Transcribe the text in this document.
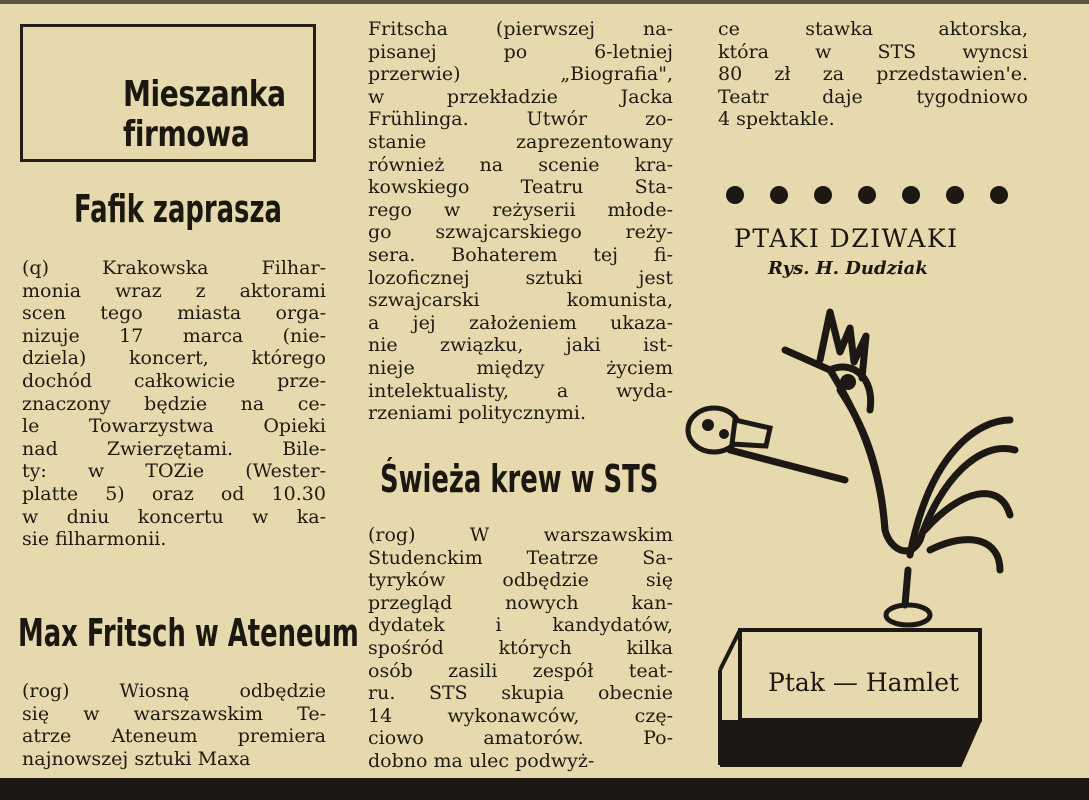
Mieszanka
firmowa
Fafik zaprasza
(q) Krakowska Filhar-
monia wraz z aktorami
scen tego miasta orga-
nizuje 17 marca (nie-
dziela) koncert, którego
dochód całkowicie prze-
znaczony będzie na ce-
le Towarzystwa Opieki
nad Zwierzętami. Bile-
ty: w TOZie (Wester-
platte 5) oraz od 10.30
w dniu koncertu w ka-
sie filharmonii.
Max Fritsch w Ateneum
(rog) Wiosną odbędzie
się w warszawskim Te-
atrze Ateneum premiera
najnowszej sztuki Maxa
Fritscha (pierwszej na-
pisanej po 6-letniej
przerwie) „Biografia",
w przekładzie Jacka
Frühlinga. Utwór zo-
stanie zaprezentowany
również na scenie kra-
kowskiego Teatru Sta-
rego w reżyserii młode-
go szwajcarskiego reży-
sera. Bohaterem tej fi-
lozoficznej sztuki jest
szwajcarski komunista,
a jej założeniem ukaza-
nie związku, jaki ist-
nieje między życiem
intelektualisty, a wyda-
rzeniami politycznymi.
Świeża krew w STS
(rog) W warszawskim
Studenckim Teatrze Sa-
tyryków odbędzie się
przegląd nowych kan-
dydatek i kandydatów,
spośród których kilka
osób zasili zespół teat-
ru. STS skupia obecnie
14 wykonawców, czę-
ciowo amatorów. Po-
dobno ma ulec podwyż-
ce stawka aktorska,
która w STS wyncsi
80 zł za przedstawien'e.
Teatr daje tygodniowo
4 spektakle.
PTAKI DZIWAKI
Rys. H. Dudziak
Ptak — Hamlet
